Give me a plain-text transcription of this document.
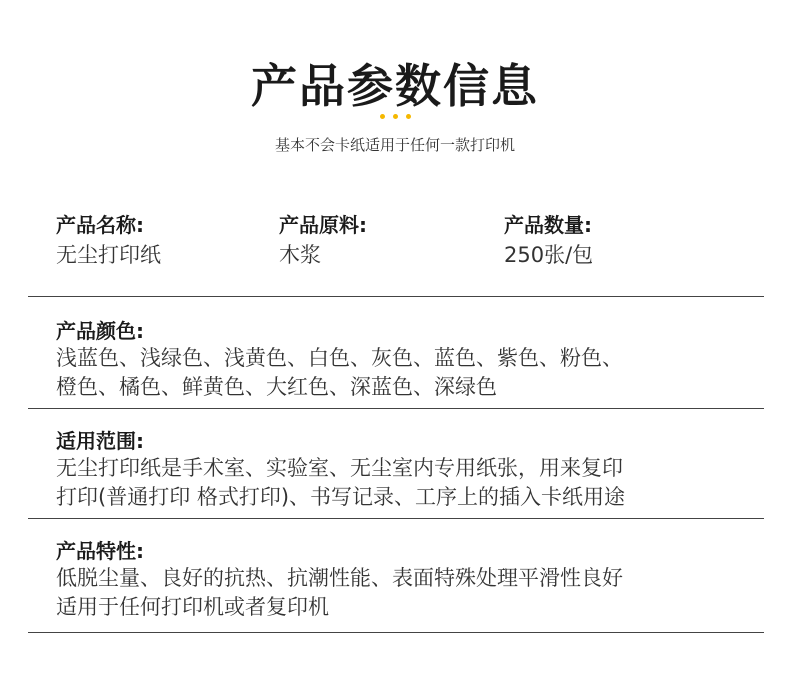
产品参数信息

基本不会卡纸适用于任何一款打印机
产品名称:
无尘打印纸
产品原料:
木浆
产品数量:
250张/包
产品颜色:
浅蓝色、浅绿色、浅黄色、白色、灰色、蓝色、紫色、粉色、
橙色、橘色、鲜黄色、大红色、深蓝色、深绿色
适用范围:
无尘打印纸是手术室、实验室、无尘室内专用纸张，用来复印
打印(普通打印 格式打印)、书写记录、工序上的插入卡纸用途
产品特性:
低脱尘量、良好的抗热、抗潮性能、表面特殊处理平滑性良好
适用于任何打印机或者复印机
